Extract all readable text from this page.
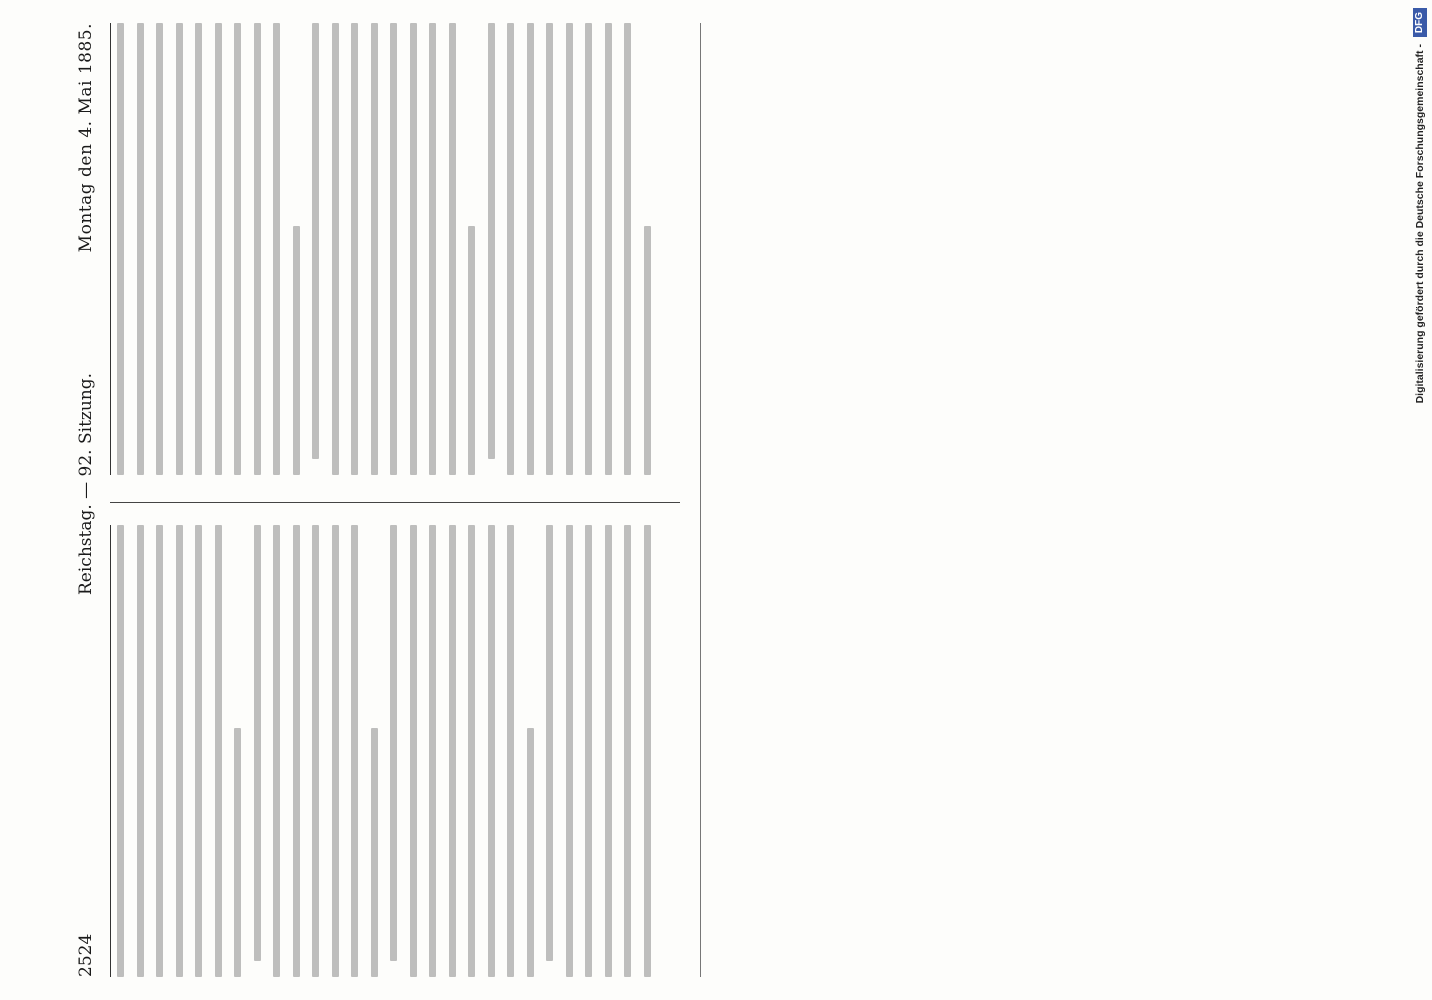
2524
Reichstag. — 92. Sitzung.
Montag den 4. Mai 1885.	Digitalisierung gefördert durch die Deutsche Forschungsgemeinschaft - DFG
